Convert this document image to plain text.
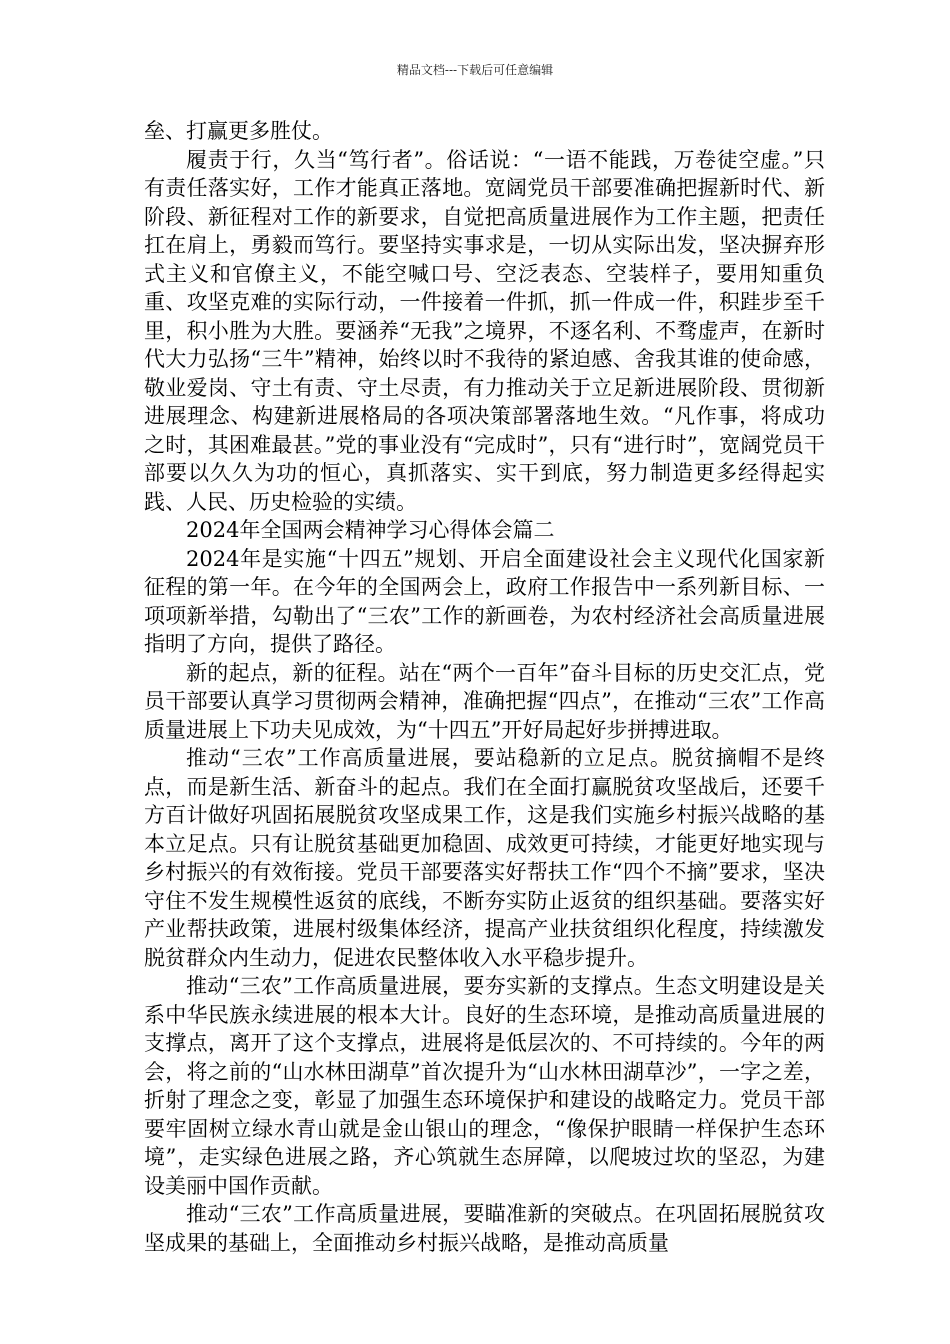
精品文档---下载后可任意编辑

垒、打赢更多胜仗。

履责于行，久当“笃行者”。俗话说：“一语不能践，万卷徒空虚。”只有责任落实好，工作才能真正落地。宽阔党员干部要准确把握新时代、新阶段、新征程对工作的新要求，自觉把高质量进展作为工作主题，把责任扛在肩上，勇毅而笃行。要坚持实事求是，一切从实际出发，坚决摒弃形式主义和官僚主义，不能空喊口号、空泛表态、空装样子，要用知重负重、攻坚克难的实际行动，一件接着一件抓，抓一件成一件，积跬步至千里，积小胜为大胜。要涵养“无我”之境界，不逐名利、不骛虚声，在新时代大力弘扬“三牛”精神，始终以时不我待的紧迫感、舍我其谁的使命感，敬业爱岗、守土有责、守土尽责，有力推动关于立足新进展阶段、贯彻新进展理念、构建新进展格局的各项决策部署落地生效。“凡作事，将成功之时，其困难最甚。”党的事业没有“完成时”，只有“进行时”，宽阔党员干部要以久久为功的恒心，真抓落实、实干到底，努力制造更多经得起实践、人民、历史检验的实绩。

2024年全国两会精神学习心得体会篇二

2024年是实施“十四五”规划、开启全面建设社会主义现代化国家新征程的第一年。在今年的全国两会上，政府工作报告中一系列新目标、一项项新举措，勾勒出了“三农”工作的新画卷，为农村经济社会高质量进展指明了方向，提供了路径。

新的起点，新的征程。站在“两个一百年”奋斗目标的历史交汇点，党员干部要认真学习贯彻两会精神，准确把握“四点”，在推动“三农”工作高质量进展上下功夫见成效，为“十四五”开好局起好步拼搏进取。

推动“三农”工作高质量进展，要站稳新的立足点。脱贫摘帽不是终点，而是新生活、新奋斗的起点。我们在全面打赢脱贫攻坚战后，还要千方百计做好巩固拓展脱贫攻坚成果工作，这是我们实施乡村振兴战略的基本立足点。只有让脱贫基础更加稳固、成效更可持续，才能更好地实现与乡村振兴的有效衔接。党员干部要落实好帮扶工作“四个不摘”要求，坚决守住不发生规模性返贫的底线，不断夯实防止返贫的组织基础。要落实好产业帮扶政策，进展村级集体经济，提高产业扶贫组织化程度，持续激发脱贫群众内生动力，促进农民整体收入水平稳步提升。

推动“三农”工作高质量进展，要夯实新的支撑点。生态文明建设是关系中华民族永续进展的根本大计。良好的生态环境，是推动高质量进展的支撑点，离开了这个支撑点，进展将是低层次的、不可持续的。今年的两会，将之前的“山水林田湖草”首次提升为“山水林田湖草沙”，一字之差，折射了理念之变，彰显了加强生态环境保护和建设的战略定力。党员干部要牢固树立绿水青山就是金山银山的理念，“像保护眼睛一样保护生态环境”，走实绿色进展之路，齐心筑就生态屏障，以爬坡过坎的坚忍，为建设美丽中国作贡献。

推动“三农”工作高质量进展，要瞄准新的突破点。在巩固拓展脱贫攻坚成果的基础上，全面推动乡村振兴战略，是推动高质量
